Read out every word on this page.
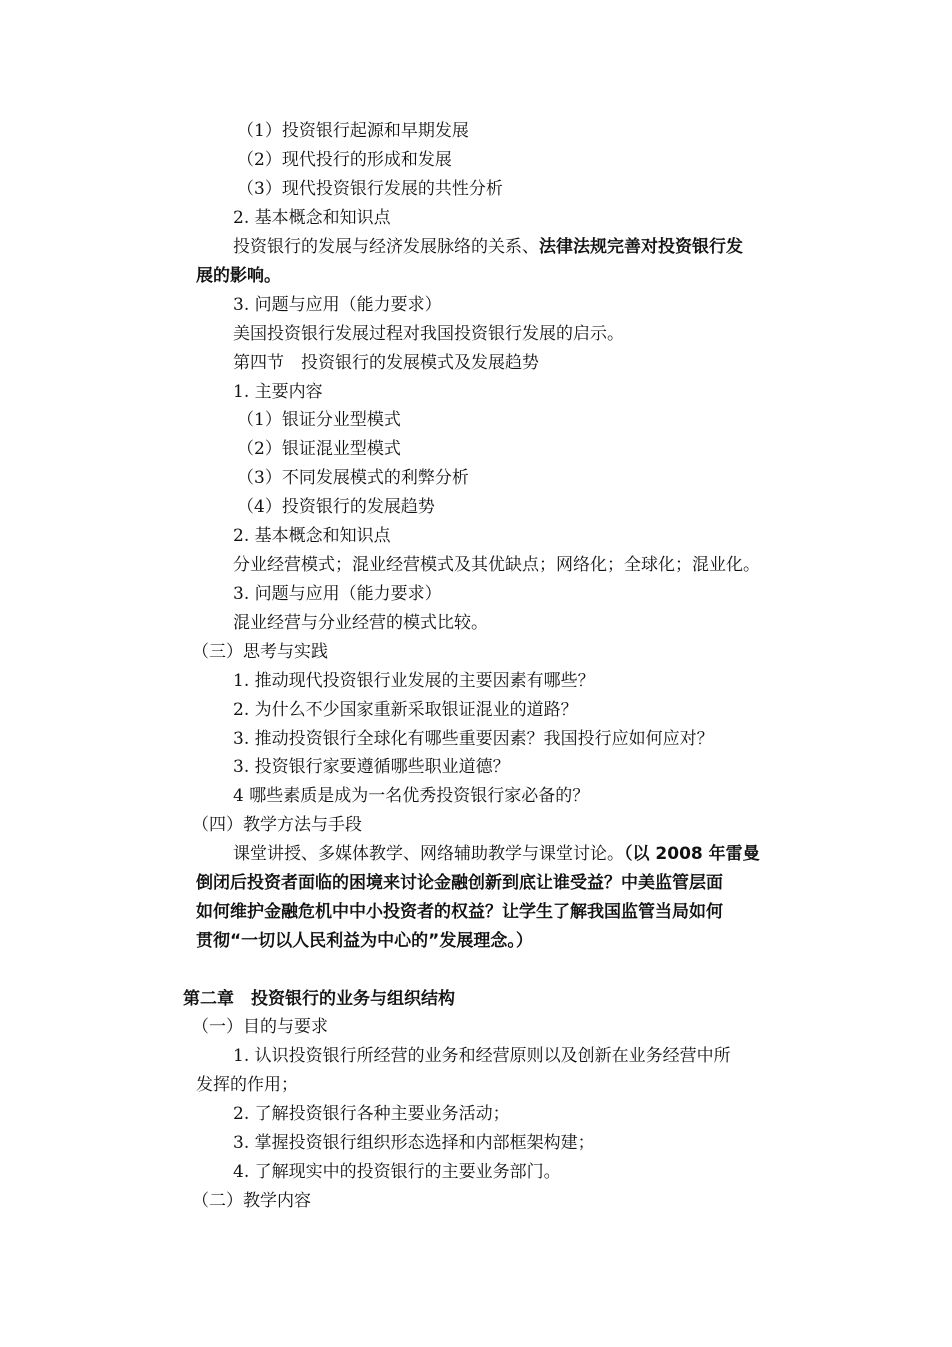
（1）投资银行起源和早期发展
（2）现代投行的形成和发展
（3）现代投资银行发展的共性分析
2. 基本概念和知识点
投资银行的发展与经济发展脉络的关系、法律法规完善对投资银行发
展的影响。
3. 问题与应用（能力要求）
美国投资银行发展过程对我国投资银行发展的启示。
第四节　投资银行的发展模式及发展趋势
1. 主要内容
（1）银证分业型模式
（2）银证混业型模式
（3）不同发展模式的利弊分析
（4）投资银行的发展趋势
2. 基本概念和知识点
分业经营模式；混业经营模式及其优缺点；网络化；全球化；混业化。
3. 问题与应用（能力要求）
混业经营与分业经营的模式比较。
（三）思考与实践
1. 推动现代投资银行业发展的主要因素有哪些？
2. 为什么不少国家重新采取银证混业的道路？
3. 推动投资银行全球化有哪些重要因素？我国投行应如何应对？
3. 投资银行家要遵循哪些职业道德？
4 哪些素质是成为一名优秀投资银行家必备的？
（四）教学方法与手段
课堂讲授、多媒体教学、网络辅助教学与课堂讨论。（以 2008 年雷曼
倒闭后投资者面临的困境来讨论金融创新到底让谁受益？中美监管层面
如何维护金融危机中中小投资者的权益？让学生了解我国监管当局如何
贯彻“一切以人民利益为中心的”发展理念。）
第二章　投资银行的业务与组织结构
（一）目的与要求
1. 认识投资银行所经营的业务和经营原则以及创新在业务经营中所
发挥的作用；
2. 了解投资银行各种主要业务活动；
3. 掌握投资银行组织形态选择和内部框架构建；
4. 了解现实中的投资银行的主要业务部门。
（二）教学内容
